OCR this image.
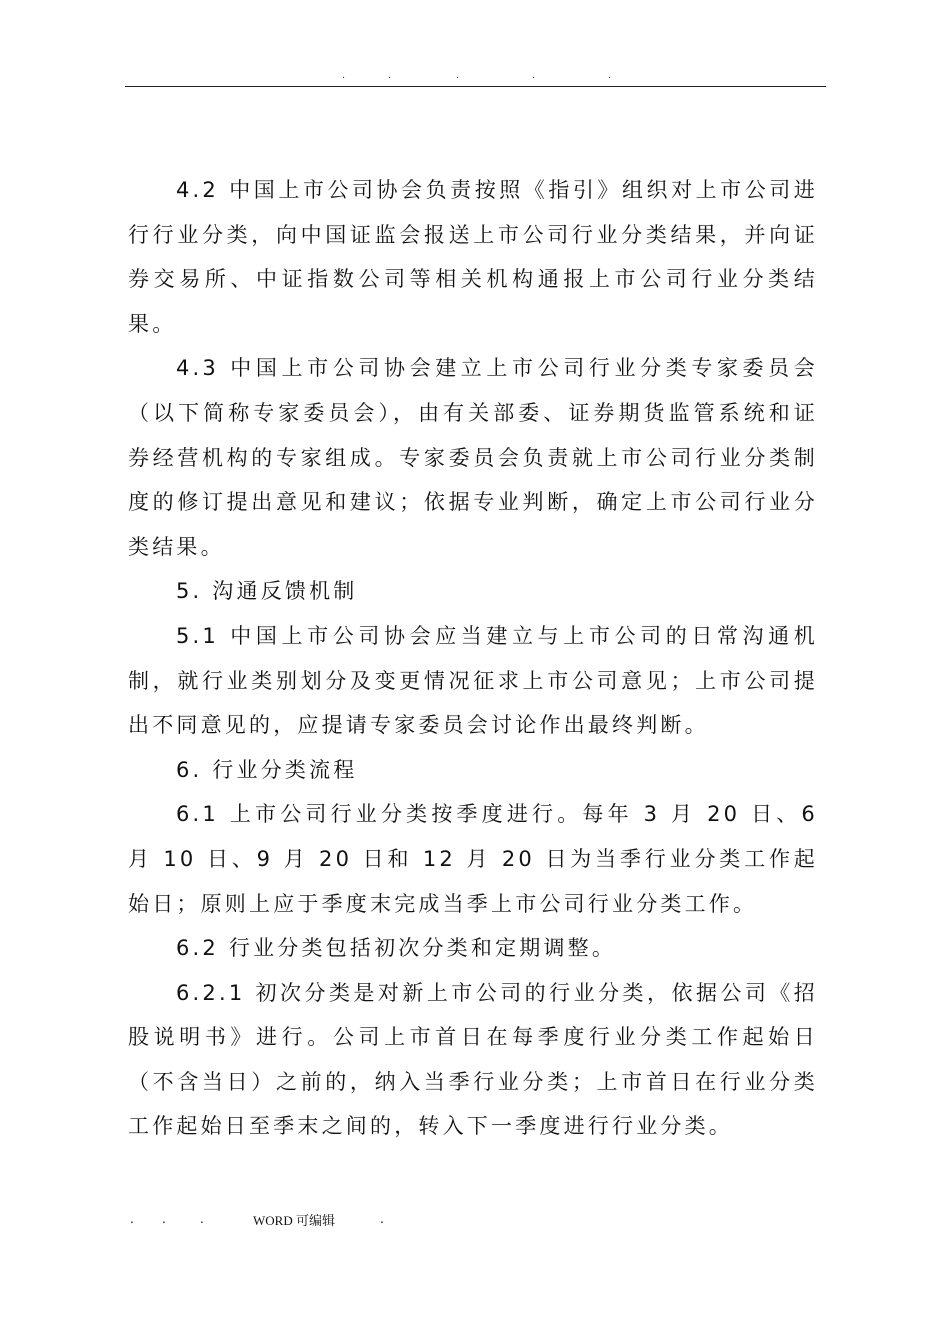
.	.	.	.	.

4.2 中国上市公司协会负责按照《指引》组织对上市公司进行行业分类，向中国证监会报送上市公司行业分类结果，并向证券交易所、中证指数公司等相关机构通报上市公司行业分类结果。

4.3 中国上市公司协会建立上市公司行业分类专家委员会（以下简称专家委员会），由有关部委、证券期货监管系统和证券经营机构的专家组成。专家委员会负责就上市公司行业分类制度的修订提出意见和建议；依据专业判断，确定上市公司行业分类结果。

5. 沟通反馈机制

5.1 中国上市公司协会应当建立与上市公司的日常沟通机制，就行业类别划分及变更情况征求上市公司意见；上市公司提出不同意见的，应提请专家委员会讨论作出最终判断。

6. 行业分类流程

6.1 上市公司行业分类按季度进行。每年 3 月 20 日、6 月 10 日、9 月 20 日和 12 月 20 日为当季行业分类工作起始日；原则上应于季度末完成当季上市公司行业分类工作。

6.2 行业分类包括初次分类和定期调整。

6.2.1 初次分类是对新上市公司的行业分类，依据公司《招股说明书》进行。公司上市首日在每季度行业分类工作起始日（不含当日）之前的，纳入当季行业分类；上市首日在行业分类工作起始日至季末之间的，转入下一季度进行行业分类。

. .	.	WORD 可编辑	.
